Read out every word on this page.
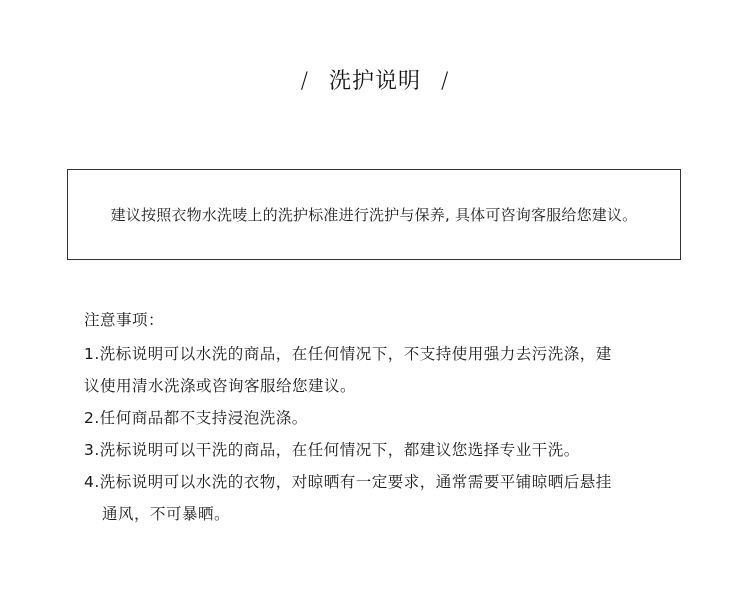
/ 洗护说明 /
建议按照衣物水洗唛上的洗护标准进行洗护与保养, 具体可咨询客服给您建议。
注意事项：
1.洗标说明可以水洗的商品，在任何情况下，不支持使用强力去污洗涤，建
议使用清水洗涤或咨询客服给您建议。
2.任何商品都不支持浸泡洗涤。
3.洗标说明可以干洗的商品，在任何情况下，都建议您选择专业干洗。
4.洗标说明可以水洗的衣物，对晾晒有一定要求，通常需要平铺晾晒后悬挂
通风，不可暴晒。
